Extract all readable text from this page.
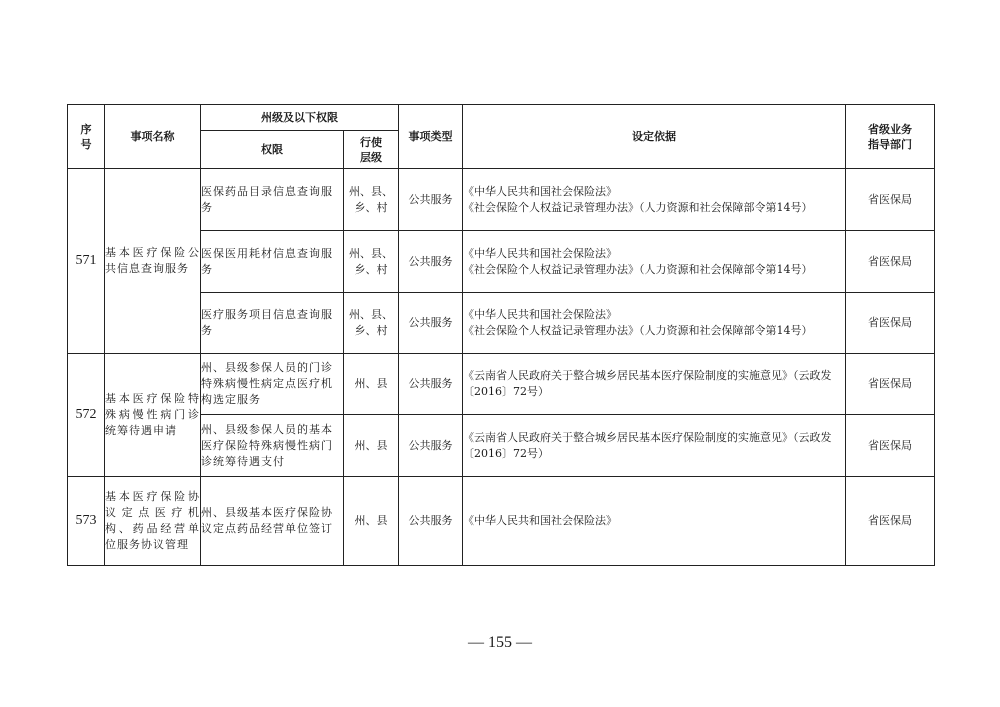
序号	事项名称	州级及以下权限		事项类型	设定依据	省级业务指导部门
		权限	行使层级			
571	基本医疗保险公共信息查询服务	医保药品目录信息查询服务	州、县、乡、村	公共服务	《中华人民共和国社会保险法》
《社会保险个人权益记录管理办法》（人力资源和社会保障部令第14号）	省医保局
		医保医用耗材信息查询服务	州、县、乡、村	公共服务	《中华人民共和国社会保险法》
《社会保险个人权益记录管理办法》（人力资源和社会保障部令第14号）	省医保局
		医疗服务项目信息查询服务	州、县、乡、村	公共服务	《中华人民共和国社会保险法》
《社会保险个人权益记录管理办法》（人力资源和社会保障部令第14号）	省医保局
572	基本医疗保险特殊病慢性病门诊统筹待遇申请	州、县级参保人员的门诊特殊病慢性病定点医疗机构选定服务	州、县	公共服务	《云南省人民政府关于整合城乡居民基本医疗保险制度的实施意见》（云政发〔2016〕72号）	省医保局
		州、县级参保人员的基本医疗保险特殊病慢性病门诊统筹待遇支付	州、县	公共服务	《云南省人民政府关于整合城乡居民基本医疗保险制度的实施意见》（云政发〔2016〕72号）	省医保局
573	基本医疗保险协议定点医疗机构、药品经营单位服务协议管理	州、县级基本医疗保险协议定点药品经营单位签订	州、县	公共服务	《中华人民共和国社会保险法》	省医保局
— 155 —
